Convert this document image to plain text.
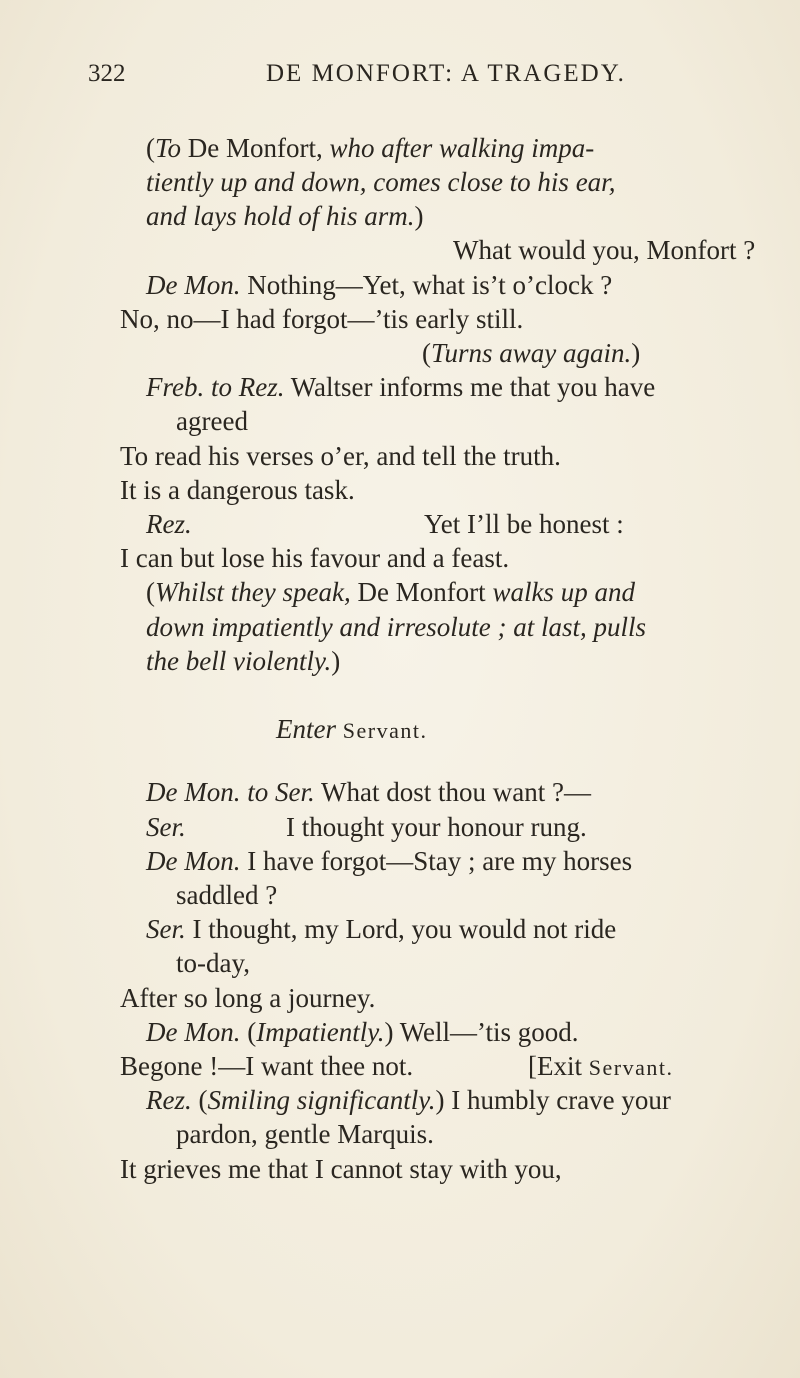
322	DE MONFORT: A TRAGEDY.
(To De Monfort, who after walking impa-
tiently up and down, comes close to his ear,
and lays hold of his arm.)
What would you, Monfort ?
De Mon. Nothing—Yet, what is’t o’clock ?
No, no—I had forgot—’tis early still.
(Turns away again.)
Freb. to Rez. Waltser informs me that you have
agreed
To read his verses o’er, and tell the truth.
It is a dangerous task.
Rez.	Yet I’ll be honest :
I can but lose his favour and a feast.
(Whilst they speak, De Monfort walks up and
down impatiently and irresolute ; at last, pulls
the bell violently.)
Enter Servant.
De Mon. to Ser. What dost thou want ?—
Ser.	I thought your honour rung.
De Mon. I have forgot—Stay ; are my horses
saddled ?
Ser. I thought, my Lord, you would not ride
to-day,
After so long a journey.
De Mon. (Impatiently.) Well—’tis good.
Begone !—I want thee not.	[Exit Servant.
Rez. (Smiling significantly.) I humbly crave your
pardon, gentle Marquis.
It grieves me that I cannot stay with you,
